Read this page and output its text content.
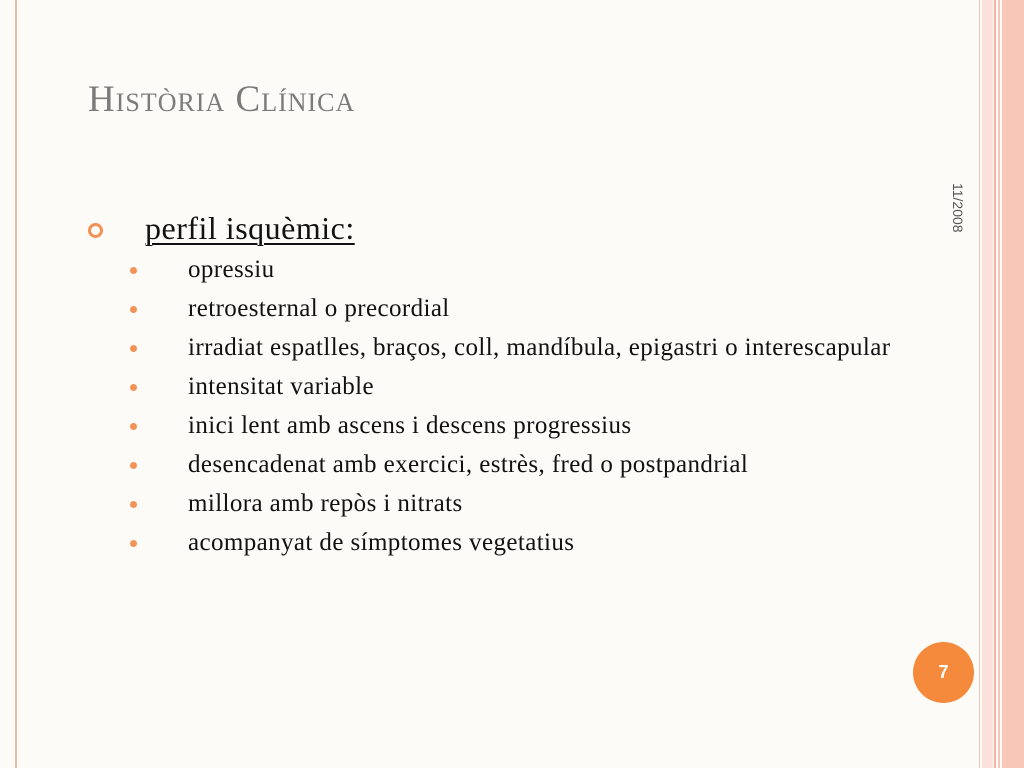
Història Clínica
11/2008
perfil isquèmic:
opressiu
retroesternal o precordial
irradiat espatlles, braços, coll, mandíbula, epigastri o interescapular
intensitat variable
inici lent amb ascens i descens progressius
desencadenat amb exercici, estrès, fred o postpandrial
millora amb repòs i nitrats
acompanyat de símptomes vegetatius
7
